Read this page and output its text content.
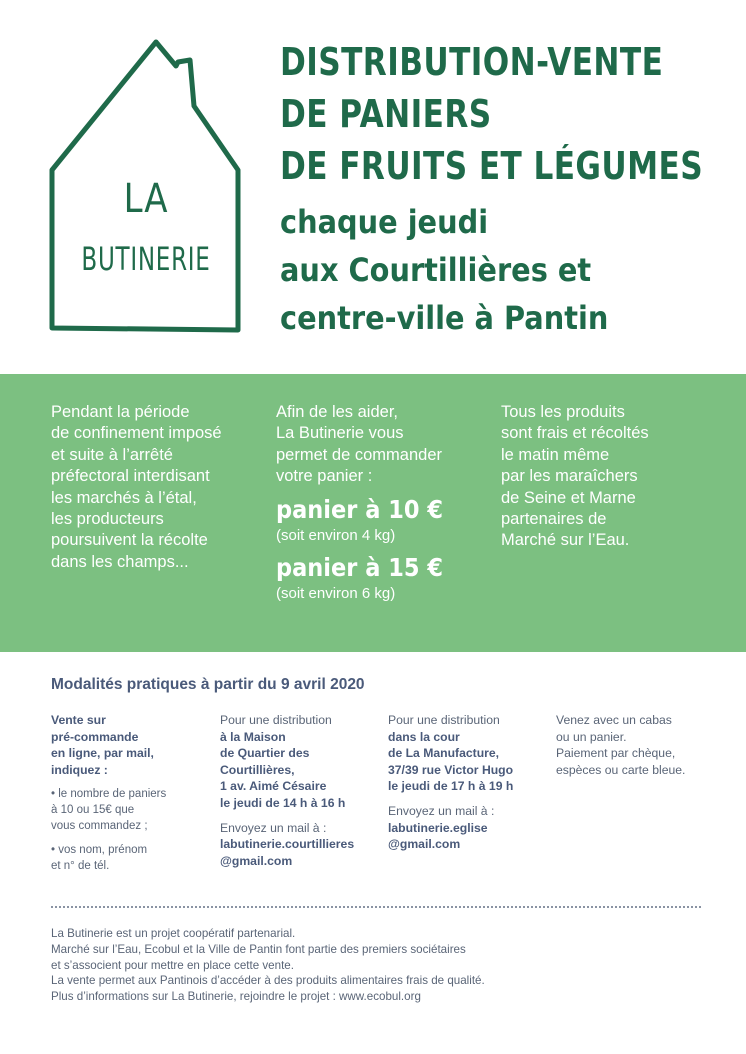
LA
BUTINERIE
DISTRIBUTION-VENTE
DE PANIERS
DE FRUITS ET LÉGUMES
chaque jeudi
aux Courtillières et
centre-ville à Pantin
Pendant la période
de confinement imposé
et suite à l’arrêté
préfectoral interdisant
les marchés à l’étal,
les producteurs
poursuivent la récolte
dans les champs...
Afin de les aider,
La Butinerie vous
permet de commander
votre panier :
panier à 10 €
(soit environ 4 kg)
panier à 15 €
(soit environ 6 kg)
Tous les produits
sont frais et récoltés
le matin même
par les maraîchers
de Seine et Marne
partenaires de
Marché sur l’Eau.
Modalités pratiques à partir du 9 avril 2020
Vente sur
pré-commande
en ligne, par mail,
indiquez :
• le nombre de paniers
à 10 ou 15€ que
vous commandez ;
• vos nom, prénom
et n° de tél.
Pour une distribution
à la Maison
de Quartier des
Courtillières,
1 av. Aimé Césaire
le jeudi de 14 h à 16 h
Envoyez un mail à :
labutinerie.courtillieres
@gmail.com
Pour une distribution
dans la cour
de La Manufacture,
37/39 rue Victor Hugo
le jeudi de 17 h à 19 h
Envoyez un mail à :
labutinerie.eglise
@gmail.com
Venez avec un cabas
ou un panier.
Paiement par chèque,
espèces ou carte bleue.
La Butinerie est un projet coopératif partenarial.
Marché sur l’Eau, Ecobul et la Ville de Pantin font partie des premiers sociétaires
et s’associent pour mettre en place cette vente.
La vente permet aux Pantinois d’accéder à des produits alimentaires frais de qualité.
Plus d’informations sur La Butinerie, rejoindre le projet : www.ecobul.org
